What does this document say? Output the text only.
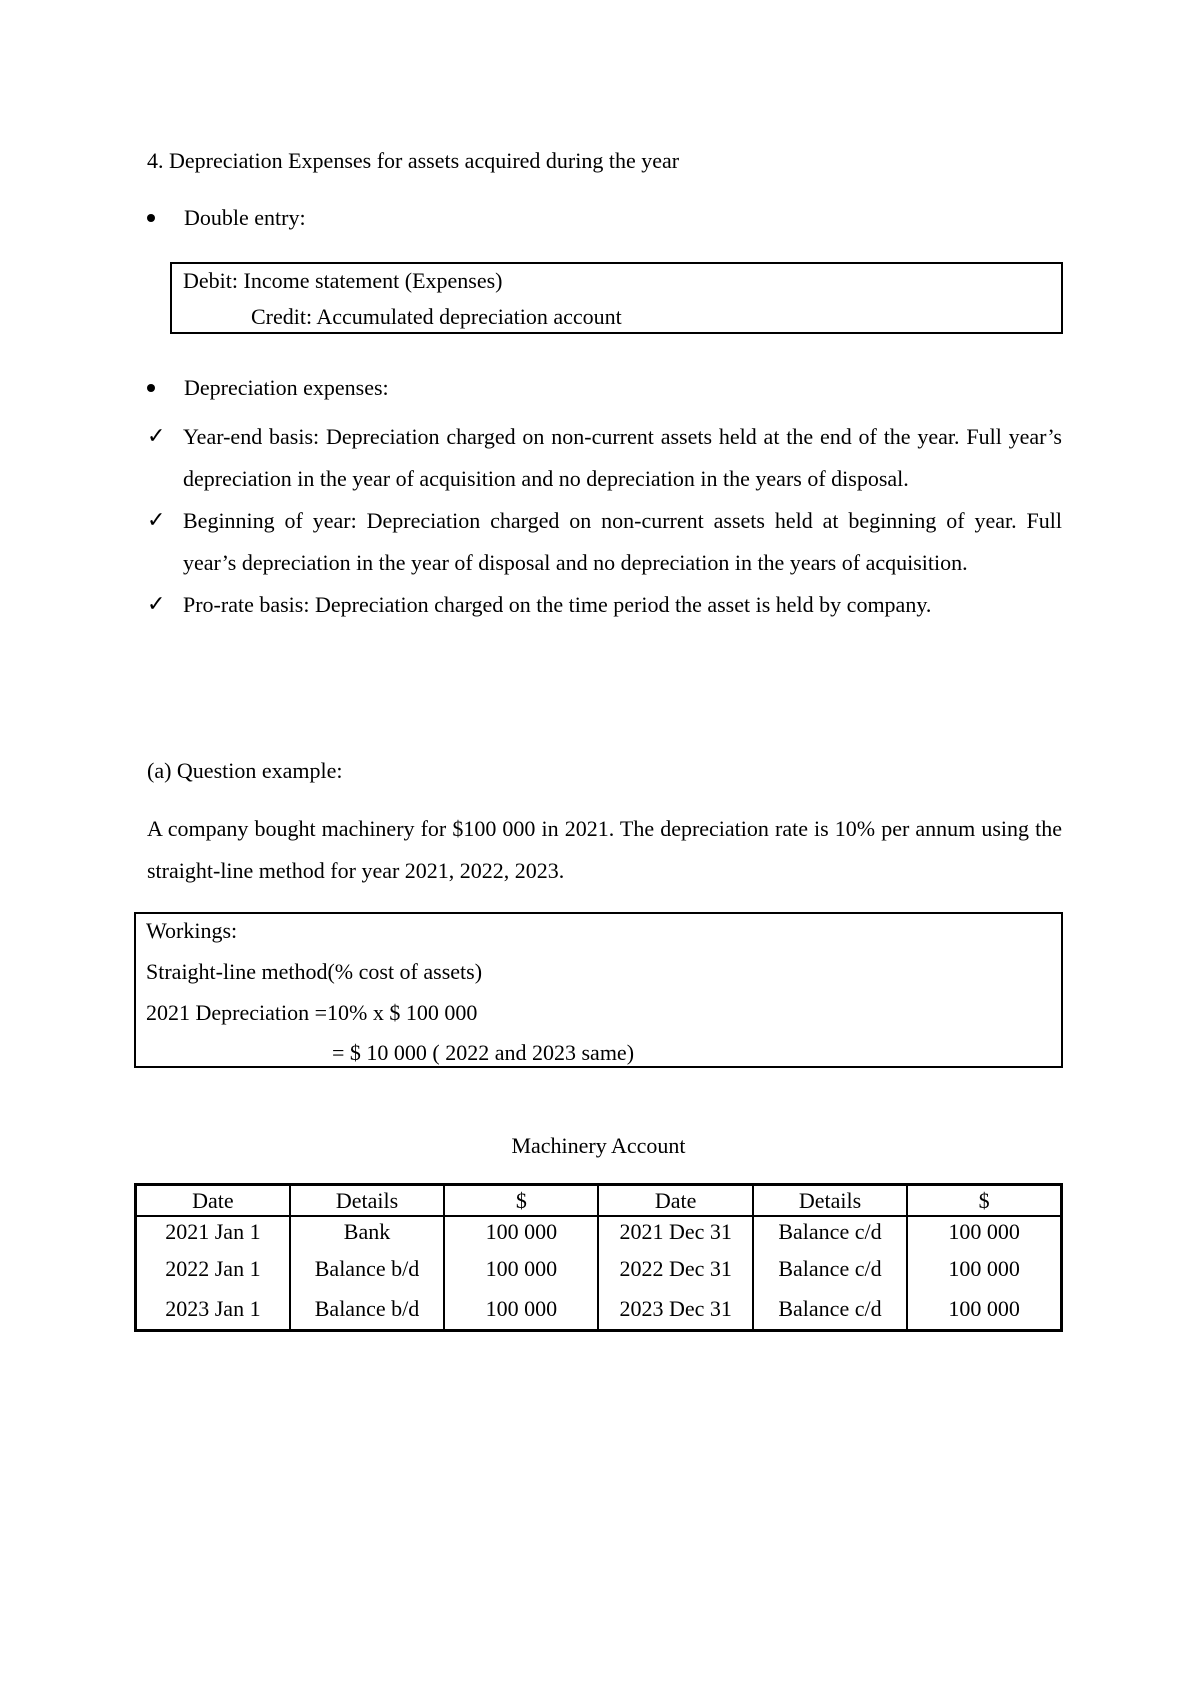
4. Depreciation Expenses for assets acquired during the year
Double entry:
Debit: Income statement (Expenses)
Credit: Accumulated depreciation account
Depreciation expenses:
✓ Year-end basis: Depreciation charged on non-current assets held at the end of the year. Full year’s depreciation in the year of acquisition and no depreciation in the years of disposal.
✓ Beginning of year: Depreciation charged on non-current assets held at beginning of year. Full year’s depreciation in the year of disposal and no depreciation in the years of acquisition.
✓ Pro-rate basis: Depreciation charged on the time period the asset is held by company.
(a) Question example:
A company bought machinery for $100 000 in 2021. The depreciation rate is 10% per annum using the straight-line method for year 2021, 2022, 2023.
Workings:
Straight-line method(% cost of assets)
2021 Depreciation =10% x $ 100 000
= $ 10 000 ( 2022 and 2023 same)
Machinery Account
Date	Details	$	Date	Details	$
2021 Jan 1	Bank	100 000	2021 Dec 31	Balance c/d	100 000
2022 Jan 1	Balance b/d	100 000	2022 Dec 31	Balance c/d	100 000
2023 Jan 1	Balance b/d	100 000	2023 Dec 31	Balance c/d	100 000
